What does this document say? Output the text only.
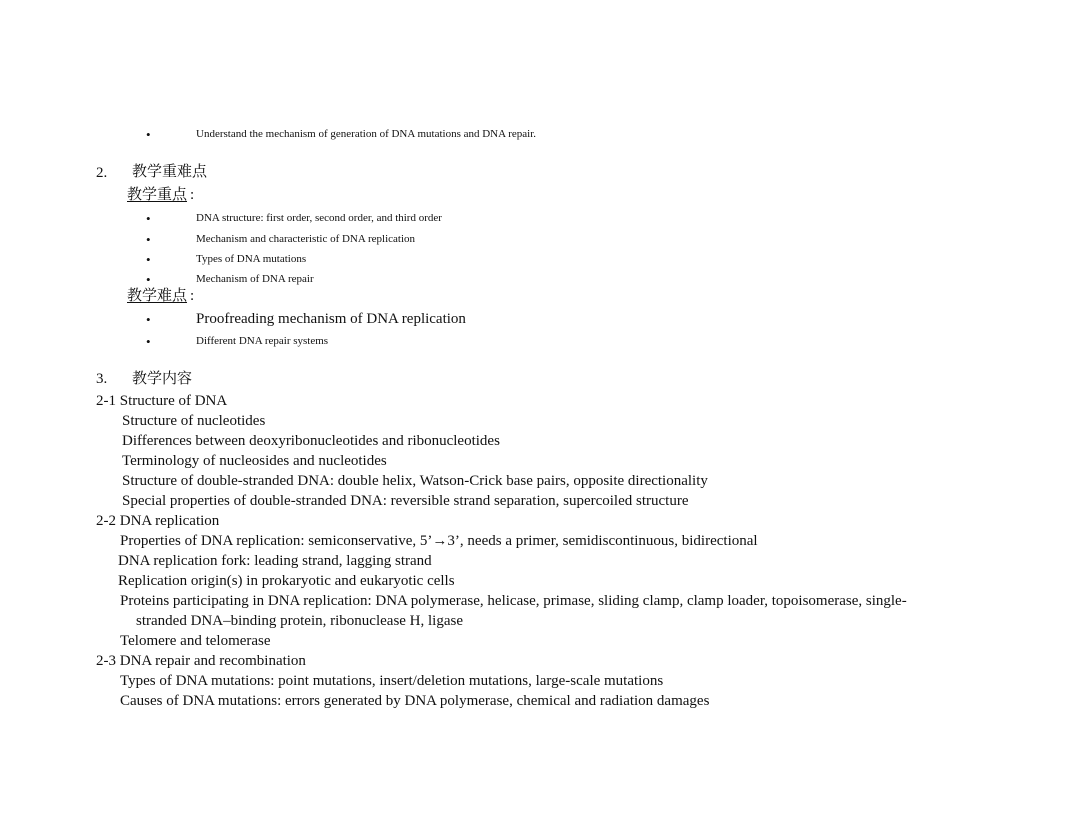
•	Understand the mechanism of generation of DNA mutations and DNA repair.
2. 教学重难点
教学重点 :
•	DNA structure: first order, second order, and third order
•	Mechanism and characteristic of DNA replication
•	Types of DNA mutations
•	Mechanism of DNA repair
教学难点 :
•	Proofreading mechanism of DNA replication
•	Different DNA repair systems
3. 教学内容
2-1 Structure of DNA
Structure of nucleotides
Differences between deoxyribonucleotides and ribonucleotides
Terminology of nucleosides and nucleotides
Structure of double-stranded DNA: double helix, Watson-Crick base pairs, opposite directionality
Special properties of double-stranded DNA: reversible strand separation, supercoiled structure
2-2 DNA replication
Properties of DNA replication: semiconservative, 5’→3’, needs a primer, semidiscontinuous, bidirectional
DNA replication fork: leading strand, lagging strand
Replication origin(s) in prokaryotic and eukaryotic cells
Proteins participating in DNA replication: DNA polymerase, helicase, primase, sliding clamp, clamp loader, topoisomerase, single-
stranded DNA–binding protein, ribonuclease H, ligase
Telomere and telomerase
2-3 DNA repair and recombination
Types of DNA mutations: point mutations, insert/deletion mutations, large-scale mutations
Causes of DNA mutations: errors generated by DNA polymerase, chemical and radiation damages
